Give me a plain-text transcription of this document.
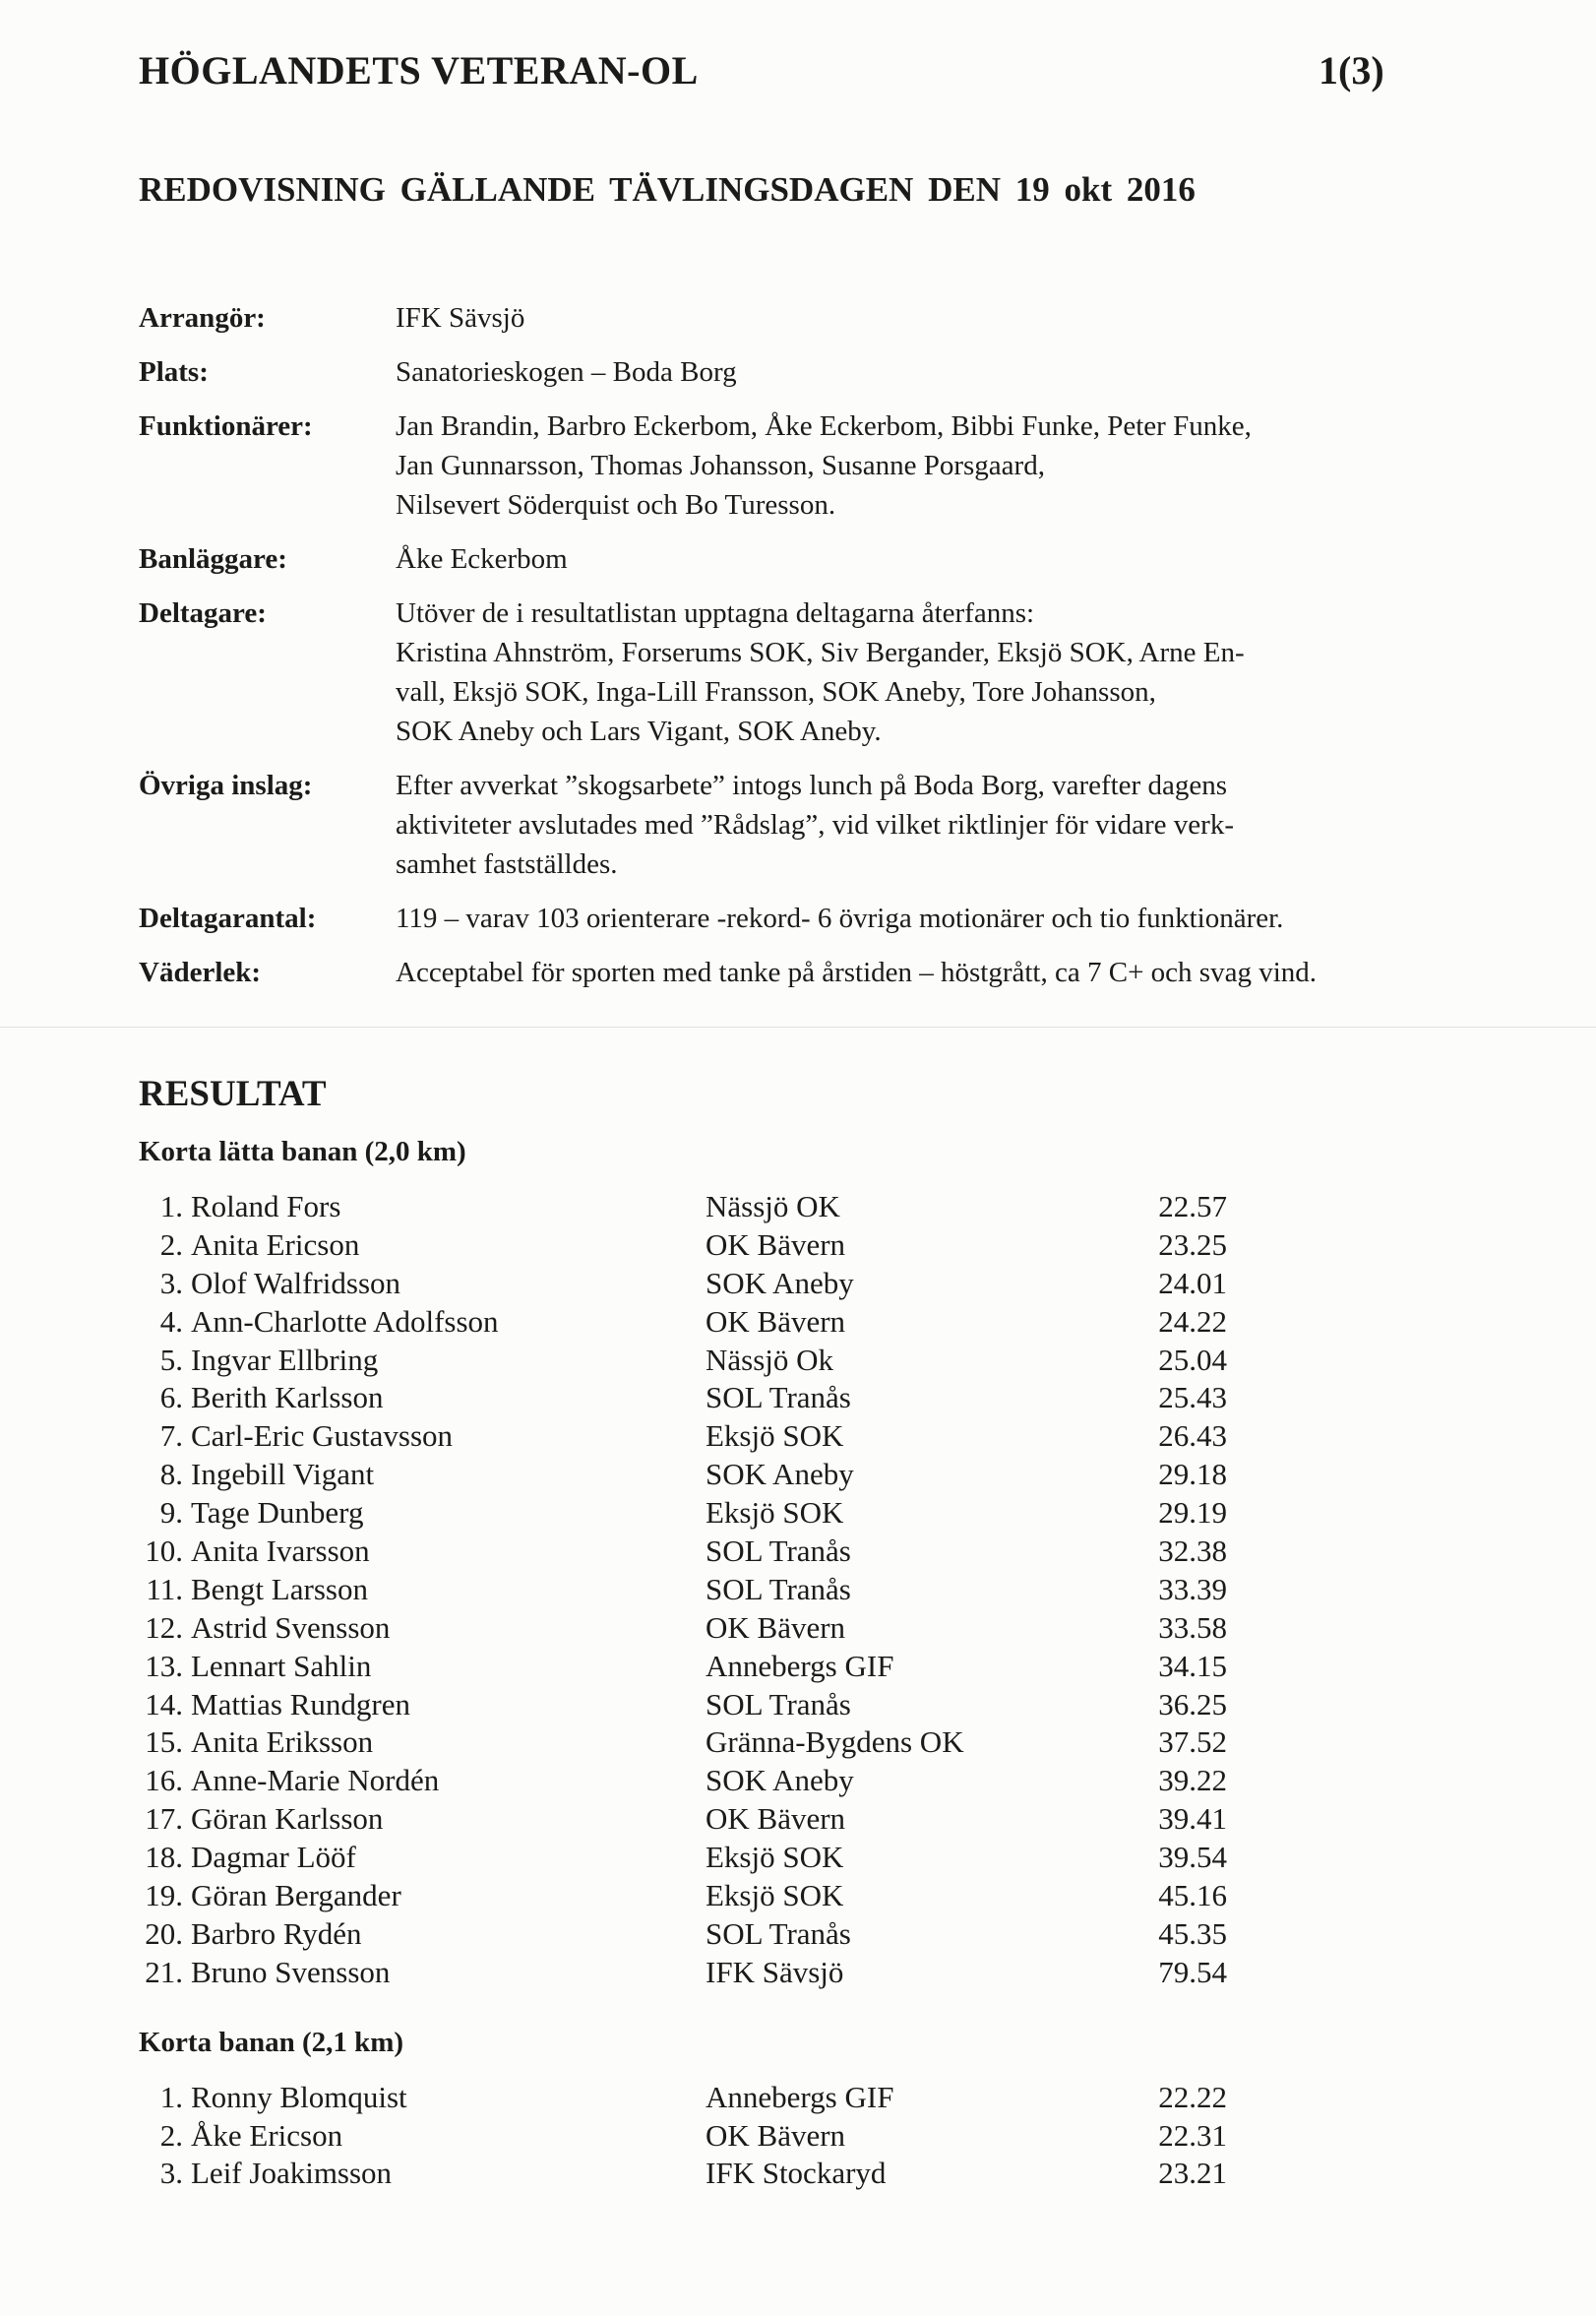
HÖGLANDETS VETERAN-OL	1(3)
REDOVISNING GÄLLANDE TÄVLINGSDAGEN DEN 19 okt 2016
Arrangör:	IFK Sävsjö
Plats:	Sanatorieskogen – Boda Borg
Funktionärer:	Jan Brandin, Barbro Eckerbom, Åke Eckerbom, Bibbi Funke, Peter Funke,
Jan Gunnarsson, Thomas Johansson, Susanne Porsgaard,
Nilsevert Söderquist och Bo Turesson.
Banläggare:	Åke Eckerbom
Deltagare:	Utöver de i resultatlistan upptagna deltagarna återfanns:
Kristina Ahnström, Forserums SOK, Siv Bergander, Eksjö SOK, Arne En-
vall, Eksjö SOK, Inga-Lill Fransson, SOK Aneby, Tore Johansson,
SOK Aneby och Lars Vigant, SOK Aneby.
Övriga inslag:	Efter avverkat ”skogsarbete” intogs lunch på Boda Borg, varefter dagens
aktiviteter avslutades med ”Rådslag”, vid vilket riktlinjer för vidare verk-
samhet fastställdes.
Deltagarantal:	119 – varav 103 orienterare -rekord- 6 övriga motionärer och tio funktionärer.
Väderlek:	Acceptabel för sporten med tanke på årstiden – höstgrått, ca 7 C+ och svag vind.
RESULTAT
Korta lätta banan (2,0 km)
1. Roland Fors	Nässjö OK	22.57
2. Anita Ericson	OK Bävern	23.25
3. Olof Walfridsson	SOK Aneby	24.01
4. Ann-Charlotte Adolfsson	OK Bävern	24.22
5. Ingvar Ellbring	Nässjö Ok	25.04
6. Berith Karlsson	SOL Tranås	25.43
7. Carl-Eric Gustavsson	Eksjö SOK	26.43
8. Ingebill Vigant	SOK Aneby	29.18
9. Tage Dunberg	Eksjö SOK	29.19
10. Anita Ivarsson	SOL Tranås	32.38
11. Bengt Larsson	SOL Tranås	33.39
12. Astrid Svensson	OK Bävern	33.58
13. Lennart Sahlin	Annebergs GIF	34.15
14. Mattias Rundgren	SOL Tranås	36.25
15. Anita Eriksson	Gränna-Bygdens OK	37.52
16. Anne-Marie Nordén	SOK Aneby	39.22
17. Göran Karlsson	OK Bävern	39.41
18. Dagmar Lööf	Eksjö SOK	39.54
19. Göran Bergander	Eksjö SOK	45.16
20. Barbro Rydén	SOL Tranås	45.35
21. Bruno Svensson	IFK Sävsjö	79.54
Korta banan (2,1 km)
1. Ronny Blomquist	Annebergs GIF	22.22
2. Åke Ericson	OK Bävern	22.31
3. Leif Joakimsson	IFK Stockaryd	23.21
